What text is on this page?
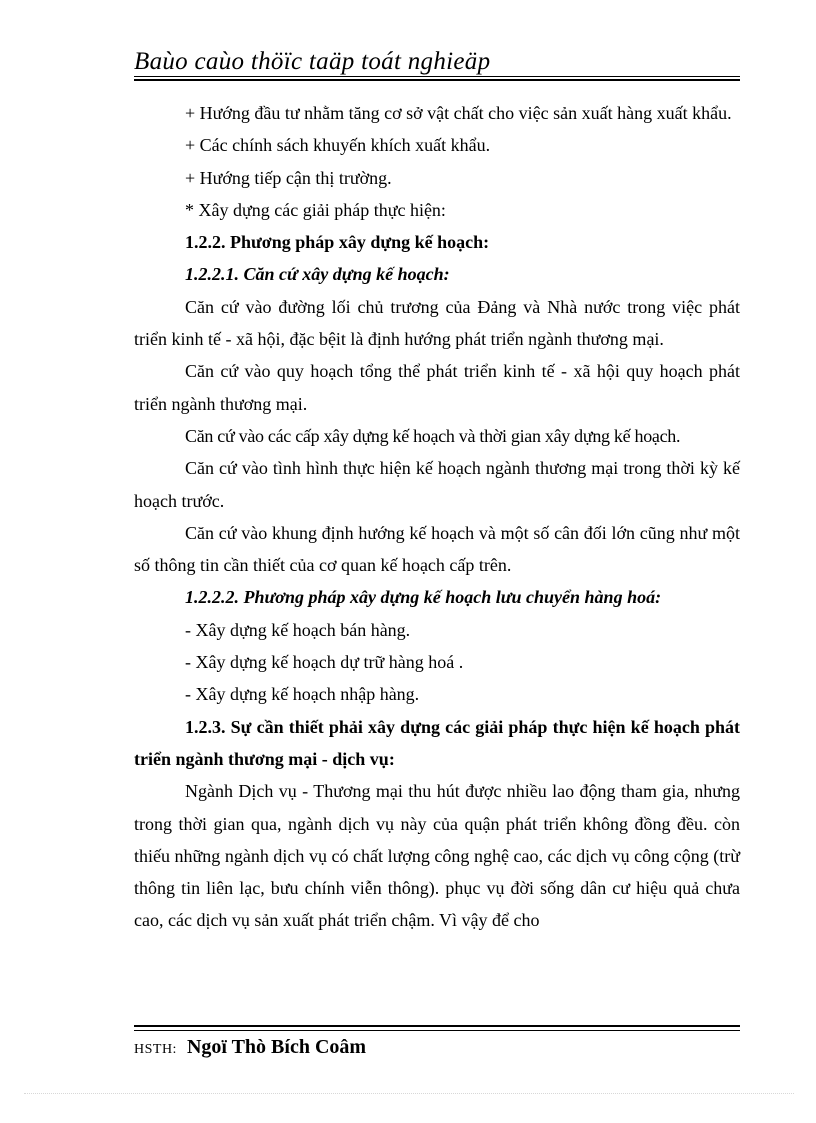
Baùo caùo thöïc taäp toát nghieäp

+ Hướng đầu tư nhằm tăng cơ sở vật chất cho việc sản xuất hàng xuất khẩu.

+ Các chính sách khuyến khích xuất khẩu.

+ Hướng tiếp cận thị trường.

* Xây dựng các giải pháp thực hiện:

1.2.2. Phương pháp xây dựng kế hoạch:

1.2.2.1. Căn cứ xây dựng kế hoạch:

Căn cứ vào đường lối chủ trương của Đảng và Nhà nước trong việc phát triển kinh tế - xã hội, đặc bệit là định hướng phát triển ngành thương mại.

Căn cứ vào quy hoạch tổng thể phát triển kinh tế - xã hội quy hoạch phát triển ngành thương mại.

Căn cứ vào các cấp xây dựng kế hoạch và thời gian xây dựng kế hoạch.

Căn cứ vào tình hình thực hiện kế hoạch ngành thương mại trong thời kỳ kế hoạch trước.

Căn cứ vào khung định hướng kế hoạch và một số cân đối lớn cũng như một số thông tin cần thiết của cơ quan kế hoạch cấp trên.

1.2.2.2. Phương pháp xây dựng kế hoạch lưu chuyển hàng hoá:

- Xây dựng kế hoạch bán hàng.

- Xây dựng kế hoạch dự trữ hàng hoá .

- Xây dựng kế hoạch nhập hàng.

1.2.3. Sự cần thiết phải xây dựng các giải pháp thực hiện kế hoạch phát triển ngành thương mại - dịch vụ:

Ngành Dịch vụ - Thương mại thu hút được nhiều lao động tham gia, nhưng trong thời gian qua, ngành dịch vụ này của quận phát triển không đồng đều. còn thiếu những ngành dịch vụ có chất lượng công nghệ cao, các dịch vụ công cộng (trừ thông tin liên lạc, bưu chính viễn thông). phục vụ đời sống dân cư hiệu quả chưa cao, các dịch vụ sản xuất phát triển chậm. Vì vậy để cho

HSTH: Ngoï Thò Bích Coâm
